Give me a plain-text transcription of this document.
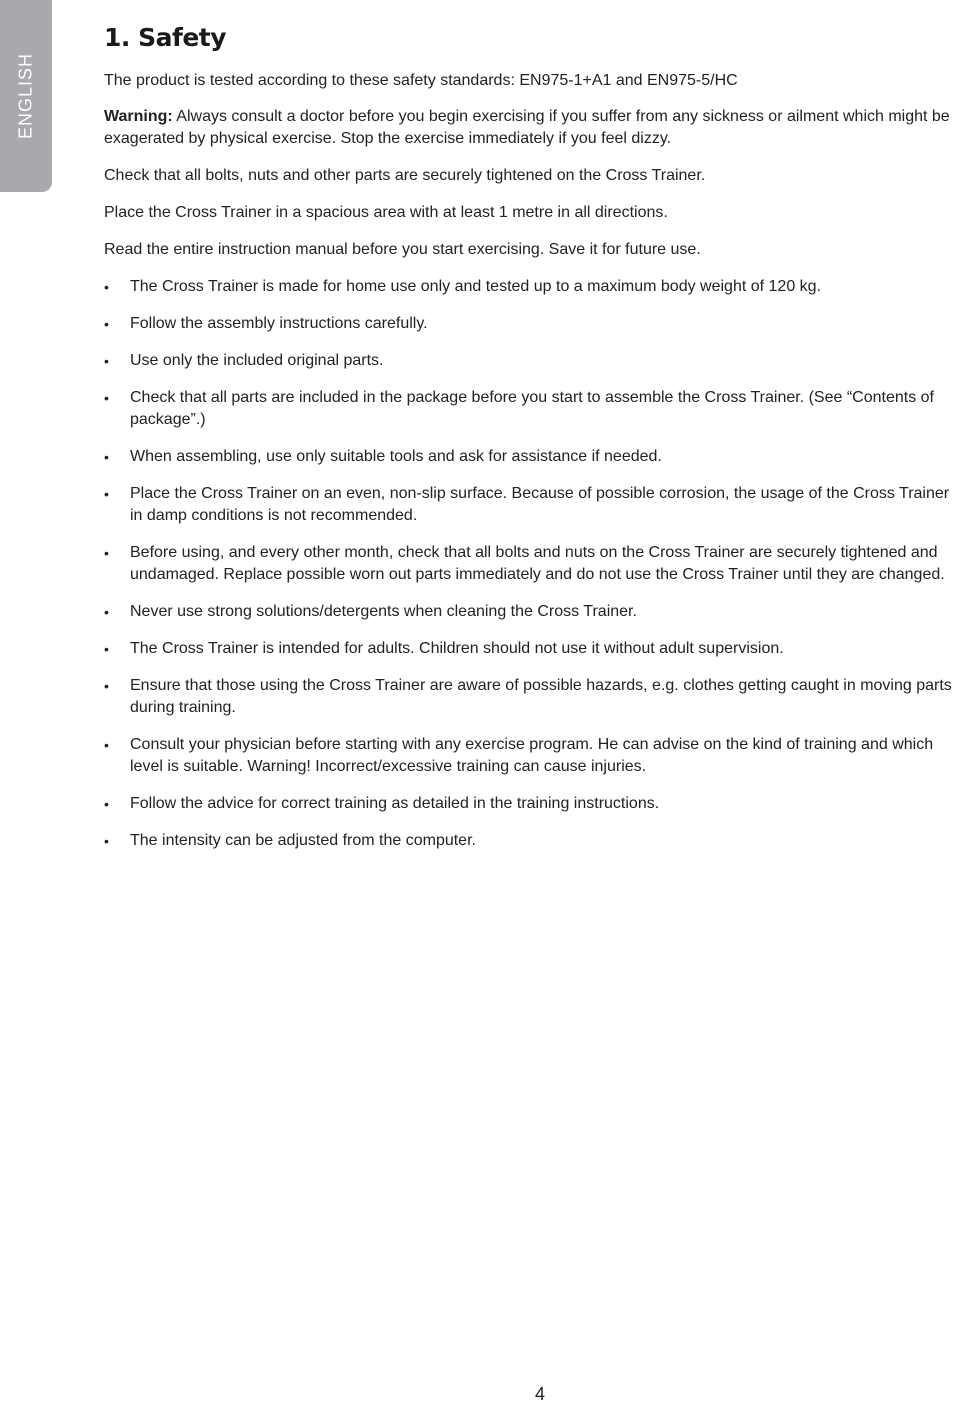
ENGLISH
1. Safety

The product is tested according to these safety standards: EN975-1+A1 and EN975-5/HC

Warning: Always consult a doctor before you begin exercising if you suffer from any sickness or ailment which might be exagerated by physical exercise. Stop the exercise immediately if you feel dizzy.

Check that all bolts, nuts and other parts are securely tightened on the Cross Trainer.

Place the Cross Trainer in a spacious area with at least 1 metre in all directions.

Read the entire instruction manual before you start exercising. Save it for future use.

• The Cross Trainer is made for home use only and tested up to a maximum body weight of 120 kg.
• Follow the assembly instructions carefully.
• Use only the included original parts.
• Check that all parts are included in the package before you start to assemble the Cross Trainer. (See “Contents of package”.)
• When assembling, use only suitable tools and ask for assistance if needed.
• Place the Cross Trainer on an even, non-slip surface. Because of possible corrosion, the usage of the Cross Trainer in damp conditions is not recommended.
• Before using, and every other month, check that all bolts and nuts on the Cross Trainer are securely tightened and undamaged. Replace possible worn out parts immediately and do not use the Cross Trainer until they are changed.
• Never use strong solutions/detergents when cleaning the Cross Trainer.
• The Cross Trainer is intended for adults. Children should not use it without adult supervision.
• Ensure that those using the Cross Trainer are aware of possible hazards, e.g. clothes getting caught in moving parts during training.
• Consult your physician before starting with any exercise program. He can advise on the kind of training and which level is suitable. Warning! Incorrect/excessive training can cause injuries.
• Follow the advice for correct training as detailed in the training instructions.
• The intensity can be adjusted from the computer.
4
